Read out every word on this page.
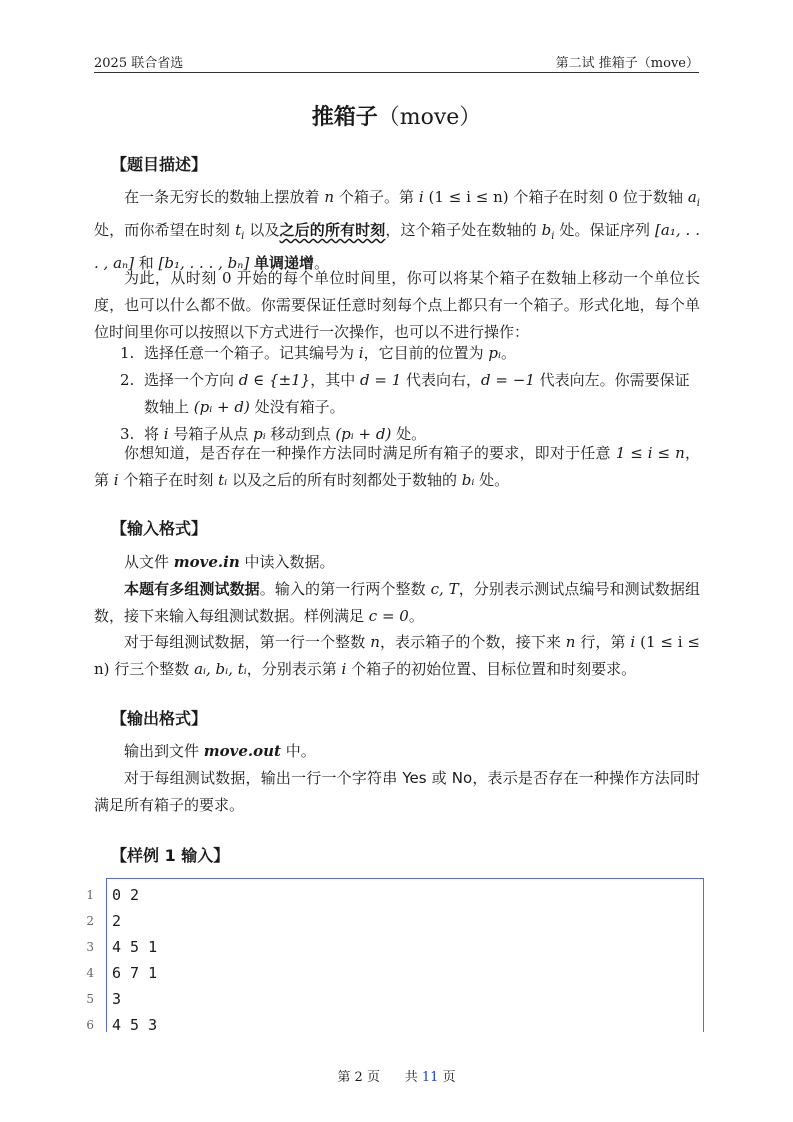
2025 联合省选	第二试 推箱子（move）
推箱子（move）
【题目描述】

在一条无穷长的数轴上摆放着 n 个箱子。第 i (1 ≤ i ≤ n) 个箱子在时刻 0 位于数轴 $a_i$ 处，而你希望在时刻 $t_i$ 以及之后的所有时刻，这个箱子处在数轴的 $b_i$ 处。保证序列 [a₁, . . . , aₙ] 和 [b₁, . . . , bₙ] 单调递增。

为此，从时刻 0 开始的每个单位时间里，你可以将某个箱子在数轴上移动一个单位长度，也可以什么都不做。你需要保证任意时刻每个点上都只有一个箱子。形式化地，每个单位时间里你可以按照以下方式进行一次操作，也可以不进行操作：

1. 选择任意一个箱子。记其编号为 i，它目前的位置为 pᵢ。
2. 选择一个方向 d ∈ {±1}，其中 d = 1 代表向右，d = −1 代表向左。你需要保证数轴上 (pᵢ + d) 处没有箱子。
3. 将 i 号箱子从点 pᵢ 移动到点 (pᵢ + d) 处。

你想知道，是否存在一种操作方法同时满足所有箱子的要求，即对于任意 1 ≤ i ≤ n，第 i 个箱子在时刻 tᵢ 以及之后的所有时刻都处于数轴的 bᵢ 处。

【输入格式】

从文件 move.in 中读入数据。

本题有多组测试数据。输入的第一行两个整数 c, T，分别表示测试点编号和测试数据组数，接下来输入每组测试数据。样例满足 c = 0。

对于每组测试数据，第一行一个整数 n，表示箱子的个数，接下来 n 行，第 i (1 ≤ i ≤ n) 行三个整数 aᵢ, bᵢ, tᵢ，分别表示第 i 个箱子的初始位置、目标位置和时刻要求。

【输出格式】

输出到文件 move.out 中。

对于每组测试数据，输出一行一个字符串 Yes 或 No，表示是否存在一种操作方法同时满足所有箱子的要求。

【样例 1 输入】
1 0 2
2 2
3 4 5 1
4 6 7 1
5 3
6 4 5 3
第 2 页 共 11 页
